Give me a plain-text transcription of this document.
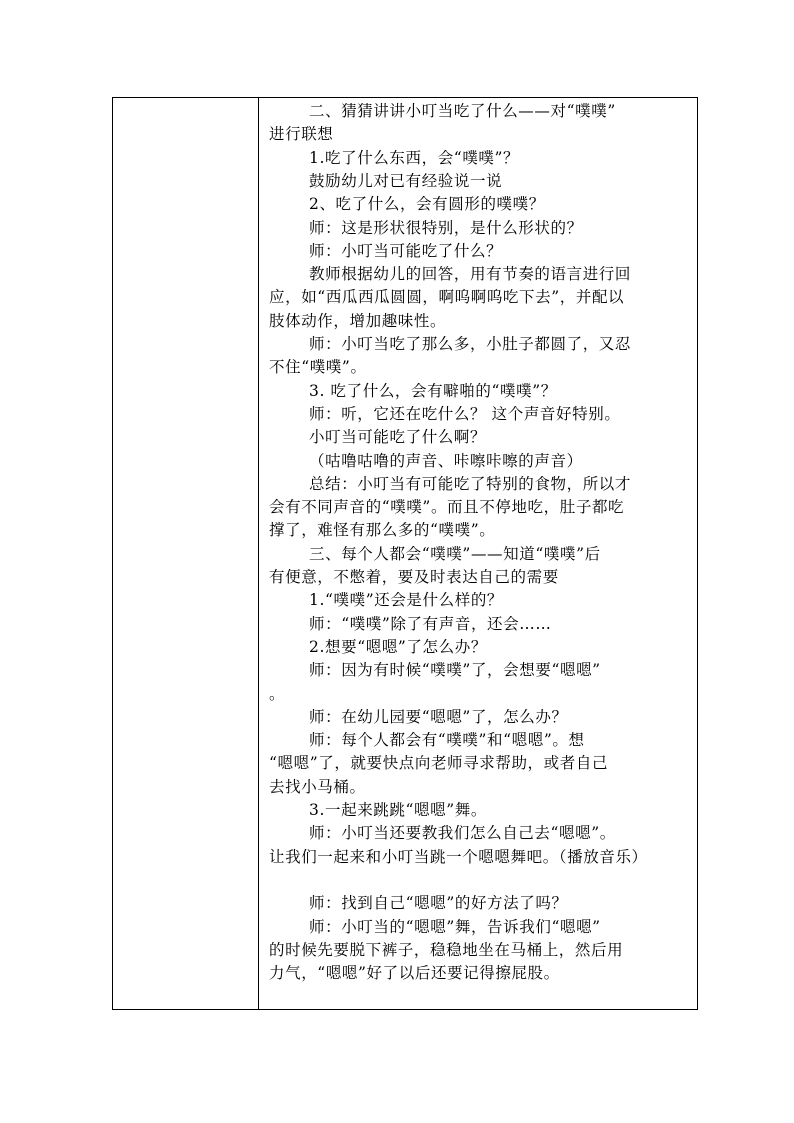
二、猜猜讲讲小叮当吃了什么——对“噗噗”
进行联想
1.吃了什么东西，会“噗噗”？
鼓励幼儿对已有经验说一说
2、吃了什么，会有圆形的噗噗？
师：这是形状很特别，是什么形状的？
师：小叮当可能吃了什么？
教师根据幼儿的回答，用有节奏的语言进行回
应，如“西瓜西瓜圆圆，啊呜啊呜吃下去”，并配以
肢体动作，增加趣味性。
师：小叮当吃了那么多，小肚子都圆了，又忍
不住“噗噗”。
3. 吃了什么，会有噼啪的“噗噗”？
师：听，它还在吃什么？ 这个声音好特别。
小叮当可能吃了什么啊？
（咕噜咕噜的声音、咔嚓咔嚓的声音）
总结：小叮当有可能吃了特别的食物，所以才
会有不同声音的“噗噗”。而且不停地吃，肚子都吃
撑了，难怪有那么多的“噗噗”。
三、每个人都会“噗噗”——知道“噗噗”后
有便意，不憋着，要及时表达自己的需要
1.“噗噗”还会是什么样的？
师：“噗噗”除了有声音，还会……
2.想要“嗯嗯”了怎么办？
师：因为有时候“噗噗”了，会想要“嗯嗯”
。
师：在幼儿园要“嗯嗯”了，怎么办？
师：每个人都会有“噗噗”和“嗯嗯”。想
“嗯嗯”了，就要快点向老师寻求帮助，或者自己
去找小马桶。
3.一起来跳跳“嗯嗯”舞。
师：小叮当还要教我们怎么自己去“嗯嗯”。
让我们一起来和小叮当跳一个嗯嗯舞吧。（播放音乐）
师：找到自己“嗯嗯”的好方法了吗？
师：小叮当的“嗯嗯”舞，告诉我们“嗯嗯”
的时候先要脱下裤子，稳稳地坐在马桶上，然后用
力气，“嗯嗯”好了以后还要记得擦屁股。
